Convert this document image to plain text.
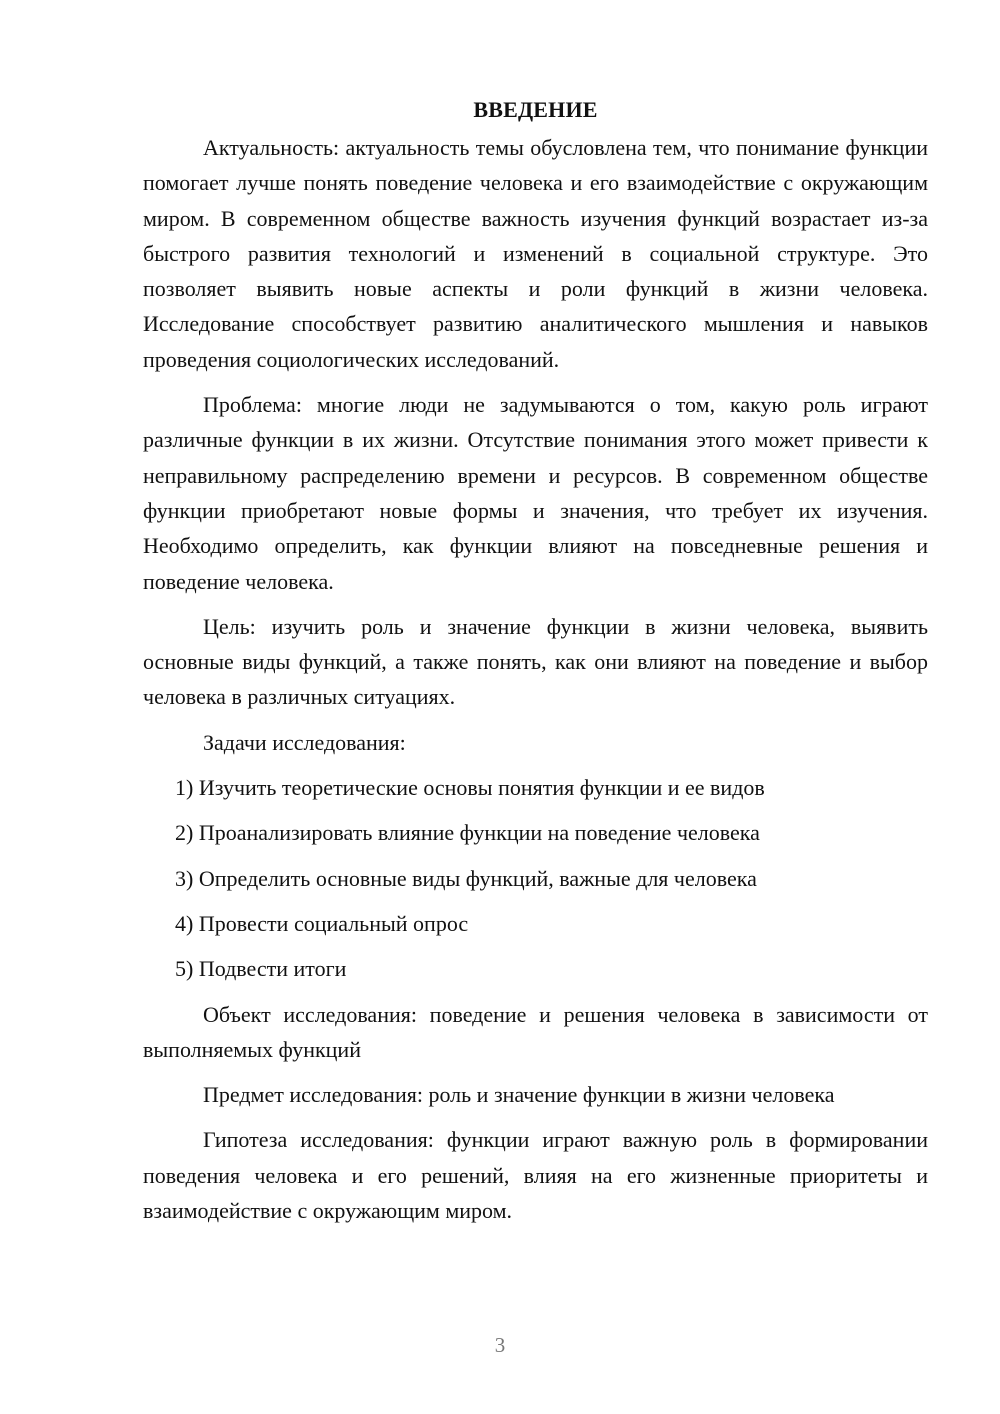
ВВЕДЕНИЕ

Актуальность: актуальность темы обусловлена тем, что понимание функции помогает лучше понять поведение человека и его взаимодействие с окружающим миром. В современном обществе важность изучения функций возрастает из-за быстрого развития технологий и изменений в социальной структуре. Это позволяет выявить новые аспекты и роли функций в жизни человека. Исследование способствует развитию аналитического мышления и навыков проведения социологических исследований.

Проблема: многие люди не задумываются о том, какую роль играют различные функции в их жизни. Отсутствие понимания этого может привести к неправильному распределению времени и ресурсов. В современном обществе функции приобретают новые формы и значения, что требует их изучения. Необходимо определить, как функции влияют на повседневные решения и поведение человека.

Цель: изучить роль и значение функции в жизни человека, выявить основные виды функций, а также понять, как они влияют на поведение и выбор человека в различных ситуациях.

Задачи исследования:

1) Изучить теоретические основы понятия функции и ее видов

2) Проанализировать влияние функции на поведение человека

3) Определить основные виды функций, важные для человека

4) Провести социальный опрос

5) Подвести итоги

Объект исследования: поведение и решения человека в зависимости от выполняемых функций

Предмет исследования: роль и значение функции в жизни человека

Гипотеза исследования: функции играют важную роль в формировании поведения человека и его решений, влияя на его жизненные приоритеты и взаимодействие с окружающим миром.

3
